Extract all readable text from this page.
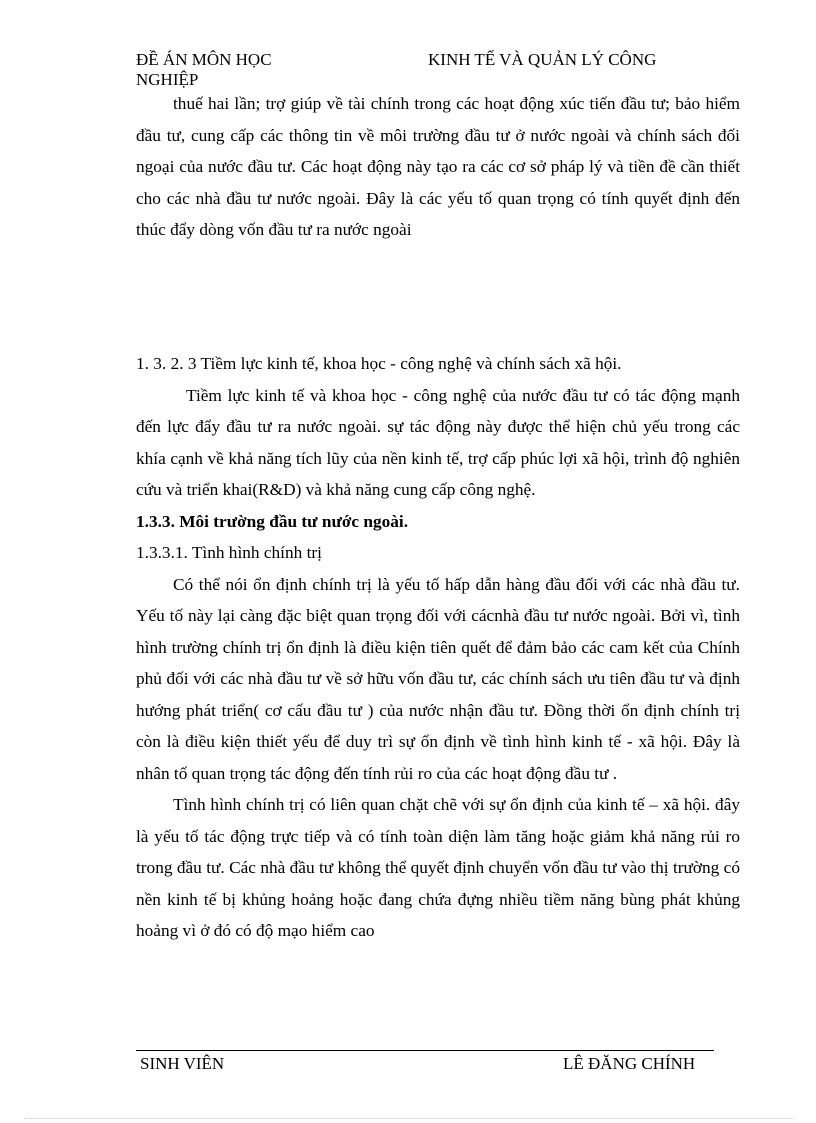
ĐỀ ÁN MÔN HỌC
NGHIỆP
KINH TẾ VÀ QUẢN LÝ CÔNG

thuế hai lần; trợ giúp về tài chính trong các hoạt động xúc tiến đầu tư; bảo hiểm đầu tư, cung cấp các thông tin về môi trường đầu tư ở nước ngoài và chính sách đối ngoại của nước đầu tư. Các hoạt động này tạo ra các cơ sở pháp lý và tiền đề cần thiết cho các nhà đầu tư nước ngoài. Đây là các yếu tố quan trọng có tính quyết định đến thúc đẩy dòng vốn đầu tư ra nước ngoài

1. 3. 2. 3 Tiềm lực kinh tế, khoa học - công nghệ và chính sách xã hội.

Tiềm lực kinh tế và khoa học - công nghệ của nước đầu tư có tác động mạnh đến lực đẩy đầu tư ra nước ngoài. sự tác động này được thể hiện chủ yếu trong các khía cạnh về khả năng tích lũy của nền kinh tế, trợ cấp phúc lợi xã hội, trình độ nghiên cứu và triển khai(R&D) và khả năng cung cấp công nghệ.

1.3.3. Môi trường đầu tư nước ngoài.

1.3.3.1. Tình hình chính trị

Có thể nói ổn định chính trị là yếu tố hấp dẫn hàng đầu đối với các nhà đầu tư. Yếu tố này lại càng đặc biệt quan trọng đối với cácnhà đầu tư nước ngoài. Bởi vì, tình hình trường chính trị ổn định là điều kiện tiên quết để đảm bảo các cam kết của Chính phủ đối với các nhà đầu tư về sở hữu vốn đầu tư, các chính sách ưu tiên đầu tư và định hướng phát triển( cơ cấu đầu tư ) của nước nhận đầu tư. Đồng thời ổn định chính trị còn là điều kiện thiết yếu để duy trì sự ổn định về tình hình kinh tế - xã hội. Đây là nhân tố quan trọng tác động đến tính rủi ro của các hoạt động đầu tư .

Tình hình chính trị có liên quan chặt chẽ với sự ổn định của kinh tế – xã hội. đây là yếu tố tác động trực tiếp và có tính toàn diện làm tăng hoặc giảm khả năng rủi ro trong đầu tư. Các nhà đầu tư không thể quyết định chuyển vốn đầu tư vào thị trường có nền kinh tế bị khủng hoảng hoặc đang chứa đựng nhiều tiềm năng bùng phát khủng hoảng vì ở đó có độ mạo hiểm cao

SINH VIÊN	LÊ ĐĂNG CHÍNH
